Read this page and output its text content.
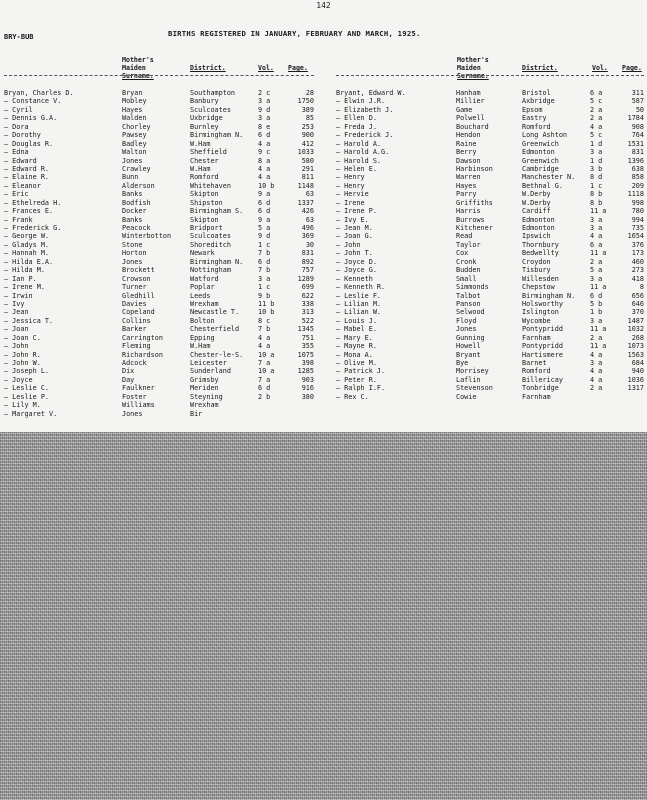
142
BRY-BUB	BIRTHS REGISTERED IN JANUARY, FEBRUARY AND MARCH, 1925.
Mother's
Maiden
Surname.
District.	Vol. Page.
Mother's
Maiden
Surname.
District.	Vol. Page.
Bryan, Charles D.	Bryan	Southampton	2 c	28
— Constance V.	Mobley	Banbury	3 a	1750
— Cyril	Hayes	Sculcoates	9 d	389
— Dennis G.A.	Walden	Uxbridge	3 a	85
— Dora	Chorley	Burnley	8 e	253
— Dorothy	Pawsey	Birmingham N. 6 d	900
— Douglas R.	Badley	W.Ham	4 a	412
— Edna	Walton	Sheffield	9 c	1033
— Edward	Jones	Chester	8 a	580
— Edward R.	Crawley	W.Ham	4 a	291
— Elaine R.	Bunn	Romford	4 a	811
— Eleanor	Alderson	Whitehaven	10 b	1148
— Eric	Banks	Skipton	9 a	63
— Ethelreda H.	Bodfish	Shipston	6 d	1337
— Frances E.	Docker	Birmingham S. 6 d	426
— Frank	Banks	Skipton	9 a	63
— Frederick G.	Peacock	Bridport	5 a	496
— George W.	Winterbotton	Sculcoates	9 d	369
— Gladys M.	Stone	Shoreditch	1 c	30
— Hannah M.	Horton	Newark	7 b	831
— Hilda E.A.	Jones	Birmingham N. 6 d	892
— Hilda M.	Brockett	Nottingham	7 b	757
— Ian P.	Crowson	Watford	3 a	1289
— Irene M.	Turner	Poplar	1 c	699
— Irwin	Gledhill	Leeds	9 b	622
— Ivy	Davies	Wrexham	11 b	338
— Jean	Copeland	Newcastle T.	10 b	313
— Jessica T.	Collins	Bolton	8 c	522
— Joan	Barker	Chesterfield	7 b	1345
— Joan C.	Carrington	Epping	4 a	751
— John	Fleming	W.Ham	4 a	355
— John R.	Richardson	Chester-le-S. 10 a	1075
— John W.	Adcock	Leicester	7 a	398
— Joseph L.	Dix	Sunderland	10 a	1285
— Joyce	Day	Grimsby	7 a	903
— Leslie C.	Faulkner	Meriden	6 d	916
— Leslie P.	Foster	Steyning	2 b	380
— Lily M.	Williams	Wrexham
— Margaret V.	Jones	Bir
Bryant, Edward W.	Hanham	Bristol	6 a	311
— Elwin J.R.	Millier	Axbridge	5 c	587
— Elizabeth J.	Game	Epsom	2 a	50
— Ellen D.	Polwell	Eastry	2 a	1784
— Freda J.	Bouchard	Romford	4 a	908
— Frederick J.	Hendon	Long Ashton	5 c	764
— Harold A.	Raine	Greenwich	1 d	1531
— Harold A.G.	Berry	Edmonton	3 a	831
— Harold S.	Dawson	Greenwich	1 d	1396
— Helen E.	Harbinson	Cambridge	3 b	638
— Henry	Warren	Manchester N. 8 d	858
— Henry	Hayes	Bethnal G.	1 c	209
— Hervie	Parry	W.Derby	8 b	1118
— Irene	Griffiths	W.Derby	8 b	998
— Irene P.	Harris	Cardiff	11 a	780
— Ivy E.	Burrows	Edmonton	3 a	994
— Jean M.	Kitchener	Edmonton	3 a	735
— Joan G.	Read	Ipswich	4 a	1654
— John	Taylor	Thornbury	6 a	376
— John T.	Cox	Bedwellty	11 a	173
— Joyce D.	Cronk	Croydon	2 a	460
— Joyce G.	Budden	Tisbury	5 a	273
— Kenneth	Small	Willesden	3 a	418
— Kenneth R.	Simmonds	Chepstow	11 a	8
— Leslie F.	Talbot	Birmingham N. 6 d	656
— Lilian M.	Panson	Holsworthy	5 b	646
— Lilian W.	Selwood	Islington	1 b	370
— Louis J.	Floyd	Wycombe	3 a	1487
— Mabel E.	Jones	Pontypridd	11 a	1032
— Mary E.	Gunning	Farnham	2 a	268
— Mayne R.	Howell	Pontypridd	11 a	1073
— Mona A.	Bryant	Hartismere	4 a	1563
— Olive M.	Bye	Barnet	3 a	684
— Patrick J.	Morrisey	Romford	4 a	940
— Peter R.	Laflin	Billericay	4 a	1036
— Ralph I.F.	Stevenson	Tonbridge	2 a	1317
— Rex C.	Cowie	Farnham
